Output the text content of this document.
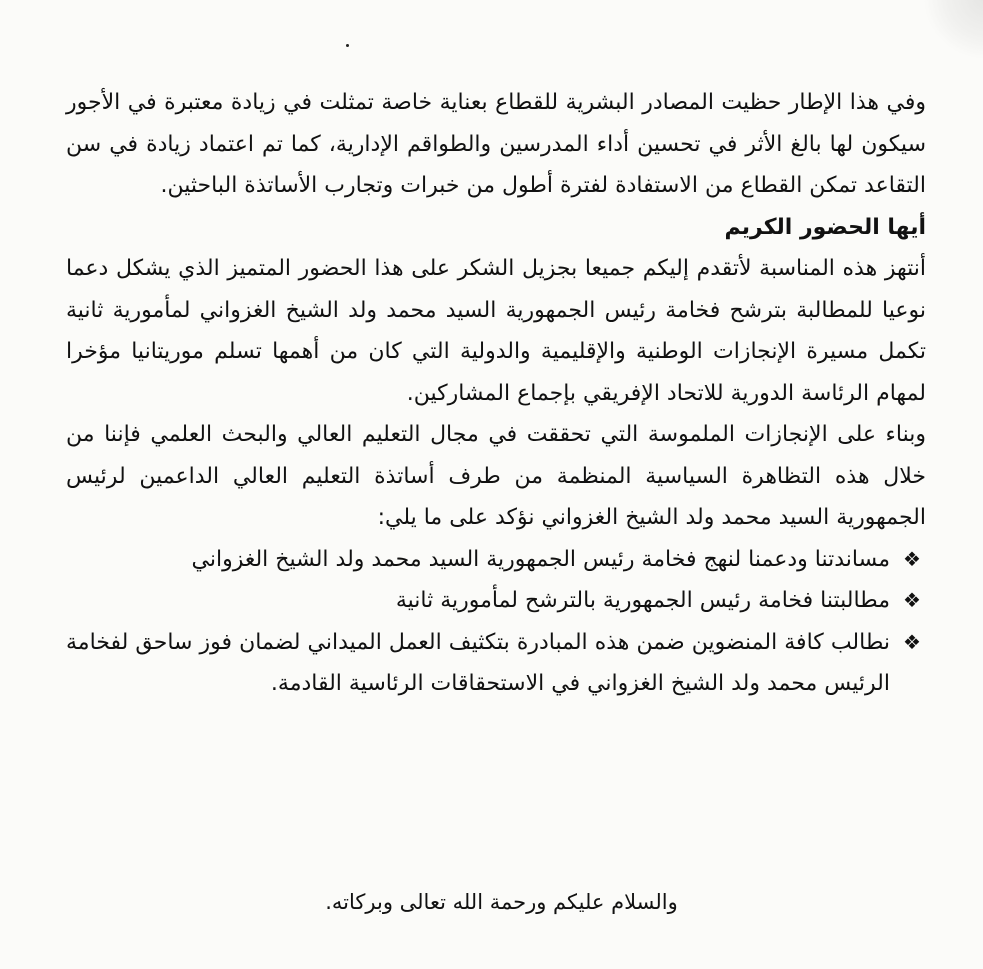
وفي هذا الإطار حظيت المصادر البشرية للقطاع بعناية خاصة تمثلت في زيادة معتبرة في الأجور سيكون لها بالغ الأثر في تحسين أداء المدرسين والطواقم الإدارية، كما تم اعتماد زيادة في سن التقاعد تمكن القطاع من الاستفادة لفترة أطول من خبرات وتجارب الأساتذة الباحثين.

أيها الحضور الكريم

أنتهز هذه المناسبة لأتقدم إليكم جميعا بجزيل الشكر على هذا الحضور المتميز الذي يشكل دعما نوعيا للمطالبة بترشح فخامة رئيس الجمهورية السيد محمد ولد الشيخ الغزواني لمأمورية ثانية تكمل مسيرة الإنجازات الوطنية والإقليمية والدولية التي كان من أهمها تسلم موريتانيا مؤخرا لمهام الرئاسة الدورية للاتحاد الإفريقي بإجماع المشاركين.

وبناء على الإنجازات الملموسة التي تحققت في مجال التعليم العالي والبحث العلمي فإننا من خلال هذه التظاهرة السياسية المنظمة من طرف أساتذة التعليم العالي الداعمين لرئيس الجمهورية السيد محمد ولد الشيخ الغزواني نؤكد على ما يلي:

❖
مساندتنا ودعمنا لنهج فخامة رئيس الجمهورية السيد محمد ولد الشيخ الغزواني
❖
مطالبتنا فخامة رئيس الجمهورية بالترشح لمأمورية ثانية
❖
نطالب كافة المنضوين ضمن هذه المبادرة بتكثيف العمل الميداني لضمان فوز ساحق لفخامة الرئيس محمد ولد الشيخ الغزواني في الاستحقاقات الرئاسية القادمة.
والسلام عليكم ورحمة الله تعالى وبركاته.
